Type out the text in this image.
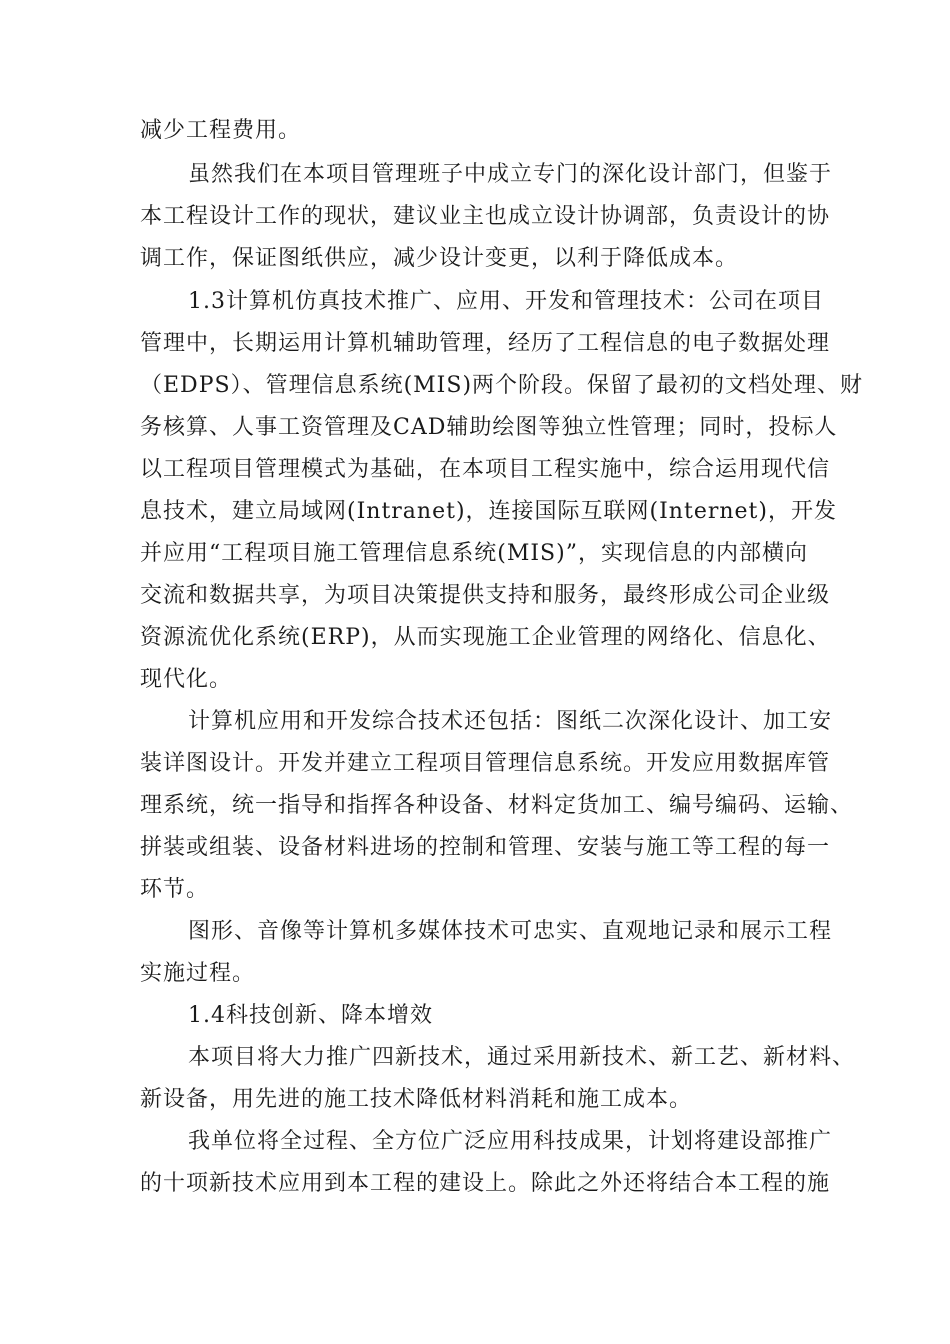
减少工程费用。

虽然我们在本项目管理班子中成立专门的深化设计部门，但鉴于

本工程设计工作的现状，建议业主也成立设计协调部，负责设计的协

调工作，保证图纸供应，减少设计变更，以利于降低成本。

1.3计算机仿真技术推广、应用、开发和管理技术：公司在项目

管理中，长期运用计算机辅助管理，经历了工程信息的电子数据处理

（EDPS）、管理信息系统(MIS)两个阶段。保留了最初的文档处理、财

务核算、人事工资管理及CAD辅助绘图等独立性管理；同时，投标人

以工程项目管理模式为基础，在本项目工程实施中，综合运用现代信

息技术，建立局域网(Intranet)，连接国际互联网(Internet)，开发

并应用“工程项目施工管理信息系统(MIS)”，实现信息的内部横向

交流和数据共享，为项目决策提供支持和服务，最终形成公司企业级

资源流优化系统(ERP)，从而实现施工企业管理的网络化、信息化、

现代化。

计算机应用和开发综合技术还包括：图纸二次深化设计、加工安

装详图设计。开发并建立工程项目管理信息系统。开发应用数据库管

理系统，统一指导和指挥各种设备、材料定货加工、编号编码、运输、

拼装或组装、设备材料进场的控制和管理、安装与施工等工程的每一

环节。

图形、音像等计算机多媒体技术可忠实、直观地记录和展示工程

实施过程。

1.4科技创新、降本增效

本项目将大力推广四新技术，通过采用新技术、新工艺、新材料、

新设备，用先进的施工技术降低材料消耗和施工成本。

我单位将全过程、全方位广泛应用科技成果，计划将建设部推广

的十项新技术应用到本工程的建设上。除此之外还将结合本工程的施
